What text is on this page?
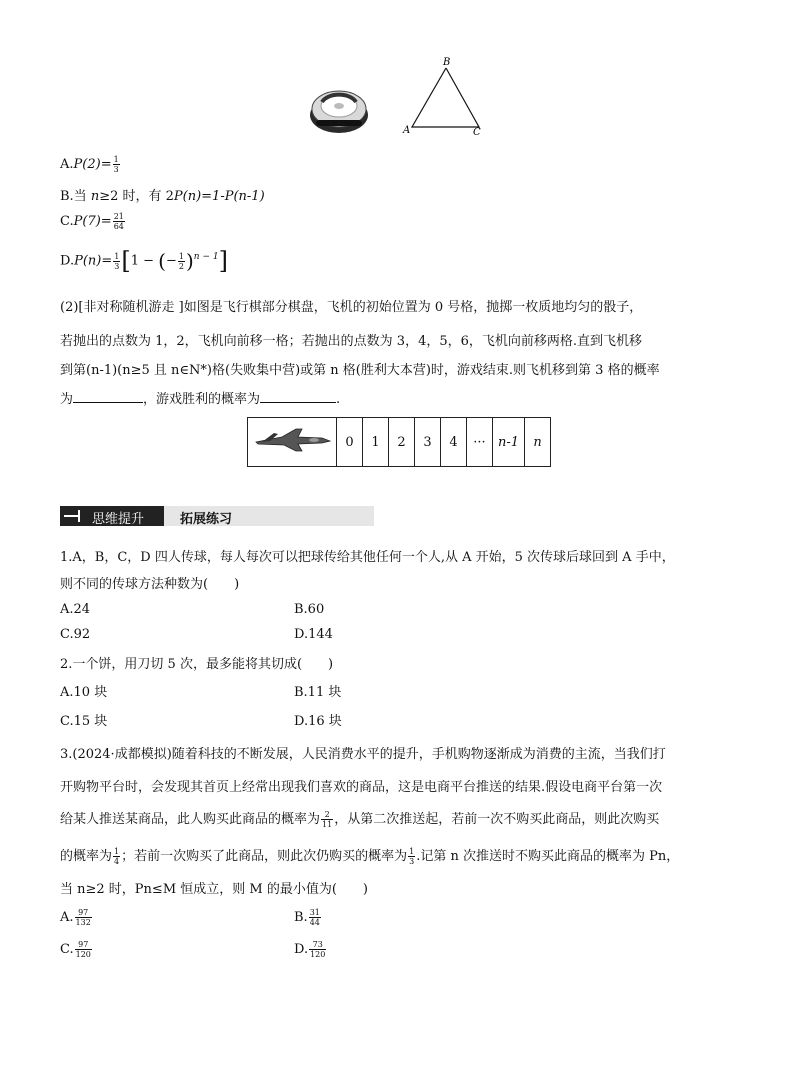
B
A	C
$A.P(2)= \frac{1}{3}$
B.当 n≥2 时，有 2P(n)=1-P(n-1)
$C.P(7)= \frac{21}{64}$
$D.P(n)= \frac{1}{3} [1$ − (− $\frac{1}{2} )^{n - 1}$]
(2)[非对称随机游走 ]如图是飞行棋部分棋盘，飞机的初始位置为 0 号格，抛掷一枚质地均匀的骰子，
若抛出的点数为 1，2，飞机向前移一格；若抛出的点数为 3，4，5，6，飞机向前移两格.直到飞机移
到第(n-1)(n≥5 且 n∈N*)格(失败集中营)或第 n 格(胜利大本营)时，游戏结束.则飞机移到第 3 格的概率
为	，游戏胜利的概率为	.
	0	1	2	3	4	···	n-1	n
思维提升	拓展练习
1.A，B，C，D 四人传球，每人每次可以把球传给其他任何一个人,从 A 开始，5 次传球后球回到 A 手中，
则不同的传球方法种数为(　　)
A.24	B.60
C.92	D.144
2.一个饼，用刀切 5 次，最多能将其切成(　　)
A.10 块	B.11 块
C.15 块	D.16 块
3.(2024·成都模拟)随着科技的不断发展，人民消费水平的提升，手机购物逐渐成为消费的主流，当我们打
开购物平台时，会发现其首页上经常出现我们喜欢的商品，这是电商平台推送的结果.假设电商平台第一次
给某人推送某商品，此人购买此商品的概率为 $\frac{2}{11}$ ，从第二次推送起，若前一次不购买此商品，则此次购买
的概率为 $\frac{1}{4}$ ；若前一次购买了此商品，则此次仍购买的概率为 $\frac{1}{3}$ .记第 n 次推送时不购买此商品的概率为 Pn，
当 n≥2 时，Pn≤M 恒成立，则 M 的最小值为(　　)
A. $\frac{97}{132}$	B. $\frac{31}{44}$
C. $\frac{97}{120}$	D. $\frac{73}{120}$
